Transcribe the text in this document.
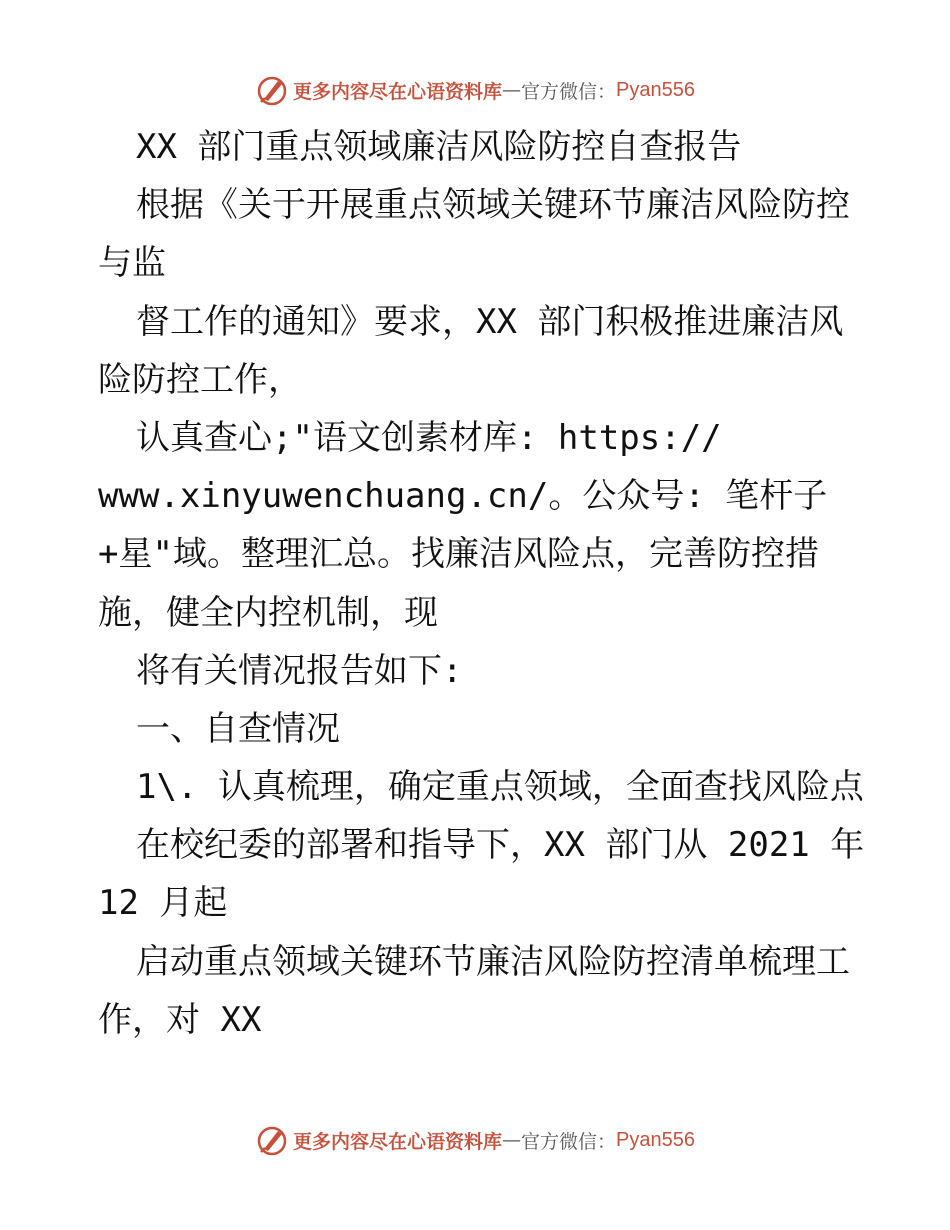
更多内容尽在心语资料库 — 官方微信： Pyan556
XX 部门重点领域廉洁风险防控自查报告
根据《关于开展重点领域关键环节廉洁风险防控
与监
督工作的通知》要求，XX 部门积极推进廉洁风
险防控工作，
认真查心;"语文创素材库: https://
www.xinyuwenchuang.cn/。公众号: 笔杆子
+星"域。整理汇总。找廉洁风险点，完善防控措
施，健全内控机制，现
将有关情况报告如下:
一、自查情况
1\. 认真梳理，确定重点领域，全面查找风险点
在校纪委的部署和指导下，XX 部门从 2021 年
12 月起
启动重点领域关键环节廉洁风险防控清单梳理工
作，对 XX
更多内容尽在心语资料库 — 官方微信： Pyan556
